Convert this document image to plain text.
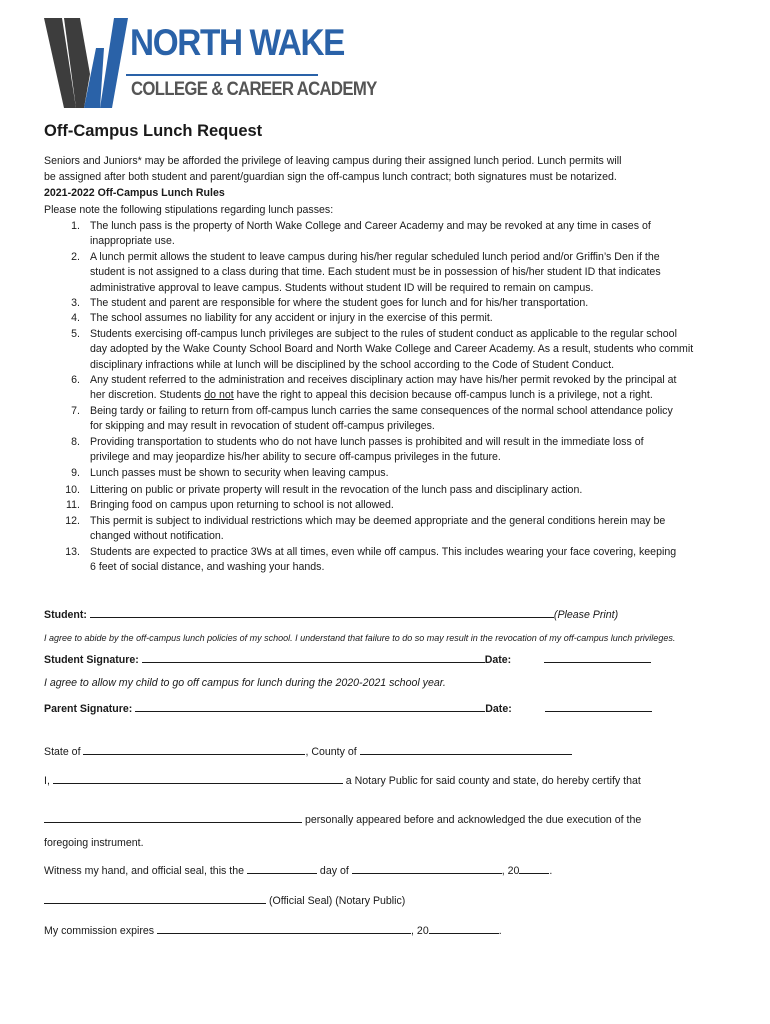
NORTH WAKE
COLLEGE & CAREER ACADEMY
Off-Campus Lunch Request
Seniors and Juniors* may be afforded the privilege of leaving campus during their assigned lunch period. Lunch permits will
be assigned after both student and parent/guardian sign the off-campus lunch contract; both signatures must be notarized.
2021-2022 Off-Campus Lunch Rules
Please note the following stipulations regarding lunch passes:
1. The lunch pass is the property of North Wake College and Career Academy and may be revoked at any time in cases of
inappropriate use.
2. A lunch permit allows the student to leave campus during his/her regular scheduled lunch period and/or Griffin’s Den if the
student is not assigned to a class during that time. Each student must be in possession of his/her student ID that indicates
administrative approval to leave campus. Students without student ID will be required to remain on campus.
3. The student and parent are responsible for where the student goes for lunch and for his/her transportation.
4. The school assumes no liability for any accident or injury in the exercise of this permit.
5. Students exercising off-campus lunch privileges are subject to the rules of student conduct as applicable to the regular school
day adopted by the Wake County School Board and North Wake College and Career Academy. As a result, students who commit
disciplinary infractions while at lunch will be disciplined by the school according to the Code of Student Conduct.
6. Any student referred to the administration and receives disciplinary action may have his/her permit revoked by the principal at
her discretion. Students do not have the right to appeal this decision because off-campus lunch is a privilege, not a right.
7. Being tardy or failing to return from off-campus lunch carries the same consequences of the normal school attendance policy
for skipping and may result in revocation of student off-campus privileges.
8. Providing transportation to students who do not have lunch passes is prohibited and will result in the immediate loss of
privilege and may jeopardize his/her ability to secure off-campus privileges in the future.
9. Lunch passes must be shown to security when leaving campus.
10. Littering on public or private property will result in the revocation of the lunch pass and disciplinary action.
11. Bringing food on campus upon returning to school is not allowed.
12. This permit is subject to individual restrictions which may be deemed appropriate and the general conditions herein may be
changed without notification.
13. Students are expected to practice 3Ws at all times, even while off campus. This includes wearing your face covering, keeping
6 feet of social distance, and washing your hands.
Student:	(Please Print)
I agree to abide by the off-campus lunch policies of my school. I understand that failure to do so may result in the revocation of my off-campus lunch privileges.
Student Signature:	Date:
I agree to allow my child to go off campus for lunch during the 2020-2021 school year.
Parent Signature:	Date:
State of	, County of
I,	a Notary Public for said county and state, do hereby certify that
personally appeared before and acknowledged the due execution of the
foregoing instrument.
Witness my hand, and official seal, this the	day of	, 20	.
(Official Seal) (Notary Public)
My commission expires	, 20	.
